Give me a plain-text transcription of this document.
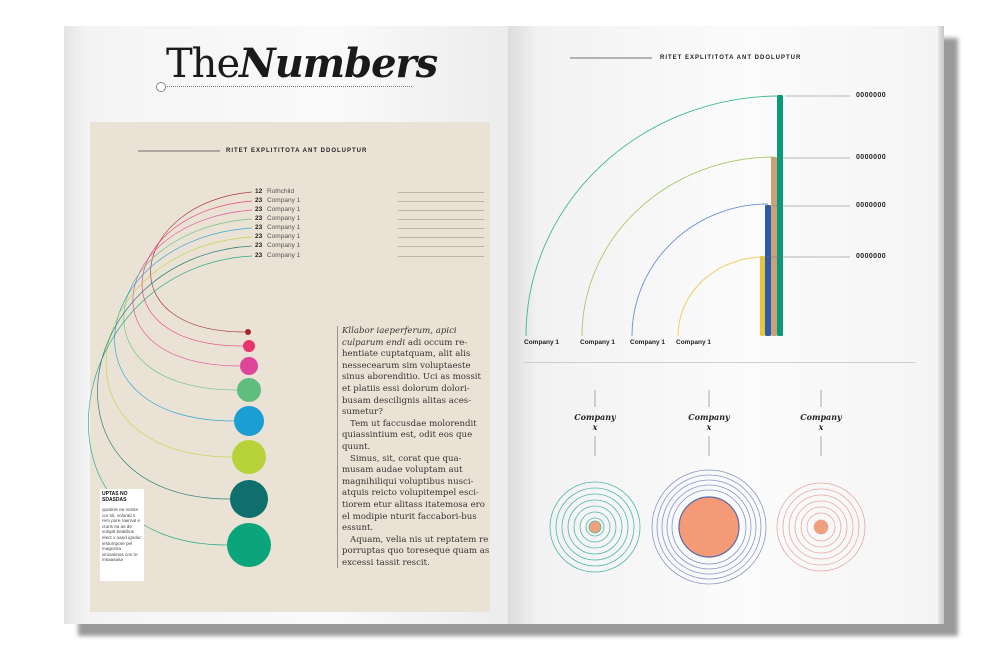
TheNumbers
RITET EXPLITITOTA ANT DDOLUPTUR
12 Rothchild
23 Company 1
23 Company 1
23 Company 1
23 Company 1
23 Company 1
23 Company 1
23 Company 1

Kllabor iaeperferum, apici culparum endi adi occum re-hentiate cuptatquam, alit alis nessecearum sim voluptaeste sinus aborenditio. Uci as mossit et platiis essi dolorum dolori-busam descilignis alitas aces-sumetur?

Tem ut faccusdae molorendit quiassintium est, odit eos que quunt.

Simus, sit, corat que qua-musam audae voluptam aut magnihiliqui voluptibus nusci-atquis reicto volupitempel esci-tiorem etur alitass itatemosa ero el modipie nturit faccabori-bus essunt.

Aquam, velia nis ut reptatem re porruptas quo toreseque quam as excessi tassit rescit.

UPTAS NO SDASDAS
quatinis ea nonse cor sit, volorati s rem pore raernat e cturis ea as de volupti beatibus elect v oand ignduc iestompore pel magnima ximaximus con re msaasasa
RITET EXPLITITOTA ANT DDOLUPTUR
0000000
0000000
0000000
0000000
Company 1	Company 1 Company 1 Company 1
Company
x
Company
x
Company
x
